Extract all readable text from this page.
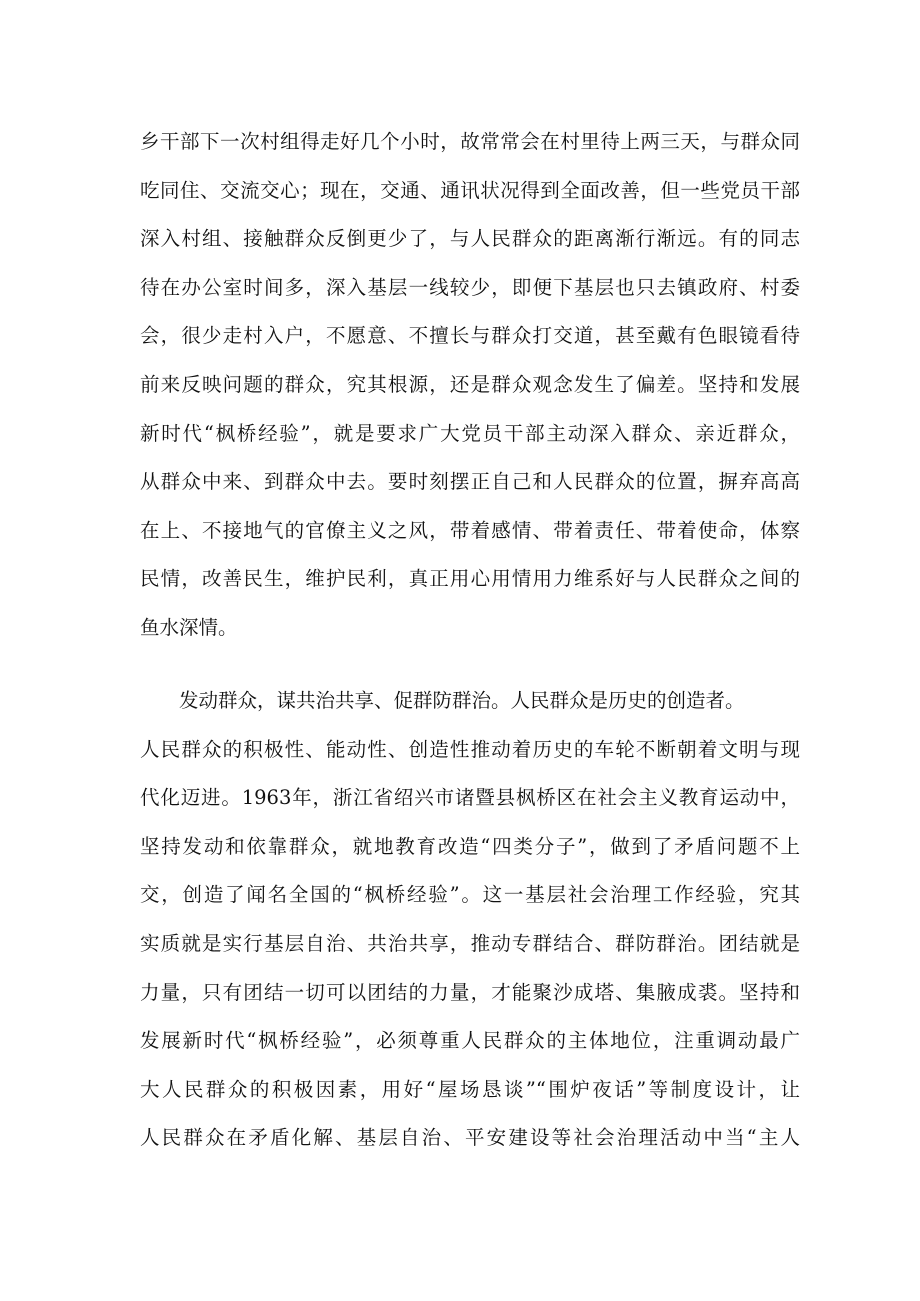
乡干部下一次村组得走好几个小时，故常常会在村里待上两三天，与群众同
吃同住、交流交心；现在，交通、通讯状况得到全面改善，但一些党员干部
深入村组、接触群众反倒更少了，与人民群众的距离渐行渐远。有的同志
待在办公室时间多，深入基层一线较少，即便下基层也只去镇政府、村委
会，很少走村入户，不愿意、不擅长与群众打交道，甚至戴有色眼镜看待
前来反映问题的群众，究其根源，还是群众观念发生了偏差。坚持和发展
新时代“枫桥经验”，就是要求广大党员干部主动深入群众、亲近群众，
从群众中来、到群众中去。要时刻摆正自己和人民群众的位置，摒弃高高
在上、不接地气的官僚主义之风，带着感情、带着责任、带着使命，体察
民情，改善民生，维护民利，真正用心用情用力维系好与人民群众之间的
鱼水深情。
发动群众，谋共治共享、促群防群治。人民群众是历史的创造者。
人民群众的积极性、能动性、创造性推动着历史的车轮不断朝着文明与现
代化迈进。1963年，浙江省绍兴市诸暨县枫桥区在社会主义教育运动中，
坚持发动和依靠群众，就地教育改造“四类分子”，做到了矛盾问题不上
交，创造了闻名全国的“枫桥经验”。这一基层社会治理工作经验，究其
实质就是实行基层自治、共治共享，推动专群结合、群防群治。团结就是
力量，只有团结一切可以团结的力量，才能聚沙成塔、集腋成裘。坚持和
发展新时代“枫桥经验”，必须尊重人民群众的主体地位，注重调动最广
大人民群众的积极因素，用好“屋场恳谈”“围炉夜话”等制度设计，让
人民群众在矛盾化解、基层自治、平安建设等社会治理活动中当“主人
